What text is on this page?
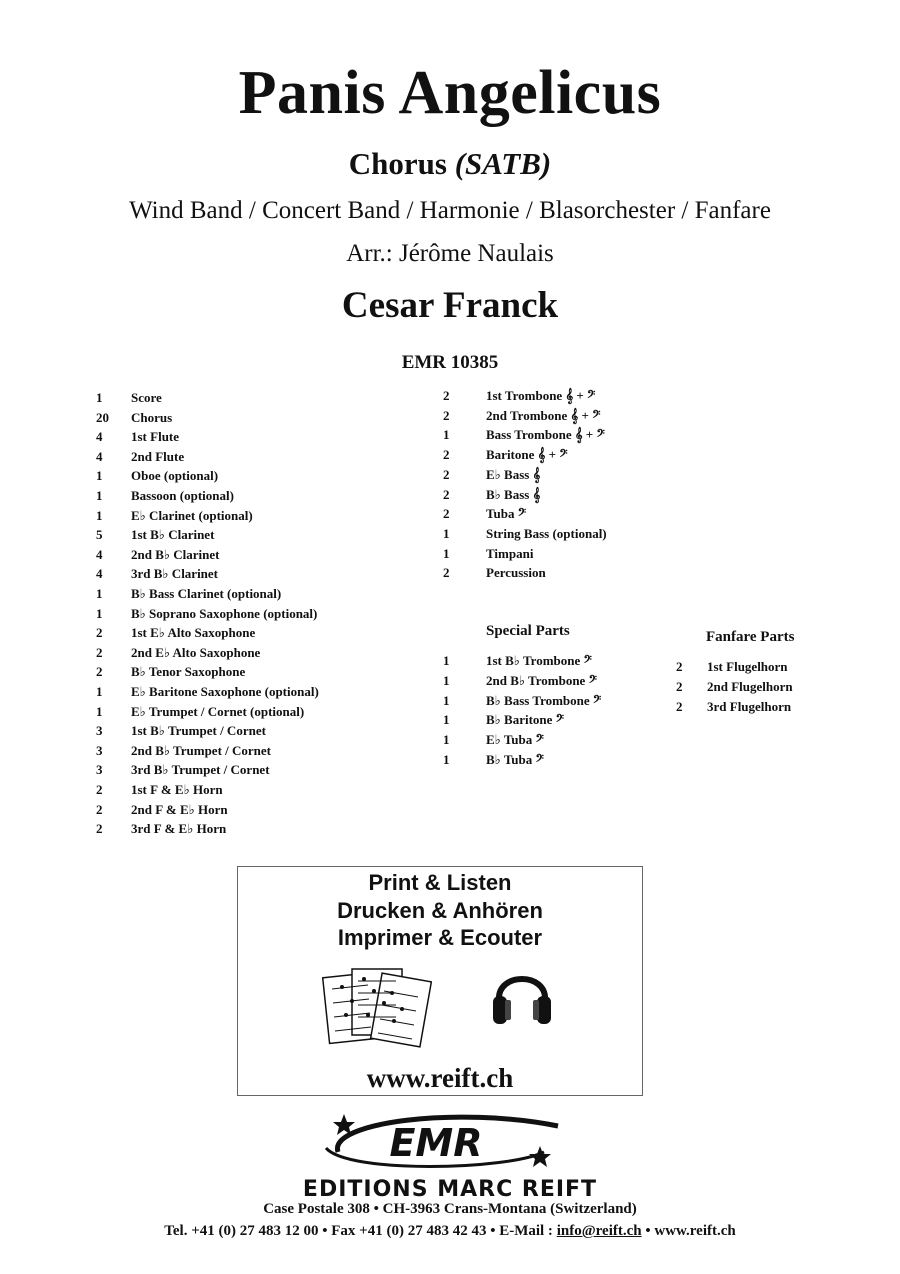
Panis Angelicus
Chorus (SATB)
Wind Band / Concert Band / Harmonie / Blasorchester / Fanfare
Arr.: Jérôme Naulais
Cesar Franck
EMR 10385
1 Score
20 Chorus
4 1st Flute
4 2nd Flute
1 Oboe (optional)
1 Bassoon (optional)
1 E♭ Clarinet (optional)
5 1st B♭ Clarinet
4 2nd B♭ Clarinet
4 3rd B♭ Clarinet
1 B♭ Bass Clarinet (optional)
1 B♭ Soprano Saxophone (optional)
2 1st E♭ Alto Saxophone
2 2nd E♭ Alto Saxophone
2 B♭ Tenor Saxophone
1 E♭ Baritone Saxophone (optional)
1 E♭ Trumpet / Cornet (optional)
3 1st B♭ Trumpet / Cornet
3 2nd B♭ Trumpet / Cornet
3 3rd B♭ Trumpet / Cornet
2 1st F & E♭ Horn
2 2nd F & E♭ Horn
2 3rd F & E♭ Horn
2	1st Trombone 𝄞 + 𝄢
2	2nd Trombone 𝄞 + 𝄢
1	Bass Trombone 𝄞 + 𝄢
2	Baritone 𝄞 + 𝄢
2	E♭ Bass 𝄞
2	B♭ Bass 𝄞
2	Tuba 𝄢
1	String Bass (optional)
1	Timpani
2	Percussion
Special Parts
1	1st B♭ Trombone 𝄢
1	2nd B♭ Trombone 𝄢
1	B♭ Bass Trombone 𝄢
1	B♭ Baritone 𝄢
1	E♭ Tuba 𝄢
1	B♭ Tuba 𝄢
Fanfare Parts
2 1st Flugelhorn
2 2nd Flugelhorn
2 3rd Flugelhorn
Print & Listen
Drucken & Anhören
Imprimer & Ecouter
www.reift.ch
EMR
EDITIONS MARC REIFT
Case Postale 308 • CH-3963 Crans-Montana (Switzerland)
Tel. +41 (0) 27 483 12 00 • Fax +41 (0) 27 483 42 43 • E-Mail : info@reift.ch • www.reift.ch
